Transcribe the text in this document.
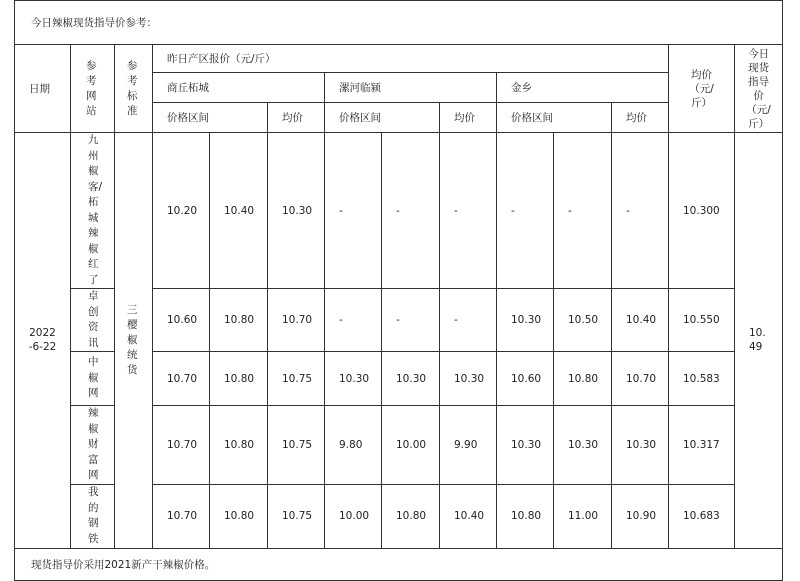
今日辣椒现货指导价参考：													
日期	参考网站	参考标准	昨日产区报价（元/斤）									均价（元/斤）	今日现货指导价（元/斤）

			商丘柘城			漯河临颍			金乡				
			价格区间		均价	价格区间		均价	价格区间		均价		

2022-6-22	九州椒客/柘城辣椒红了	三樱椒统货	10.20	10.40	10.30	-	-	-	-	-	-	10.300	10.49

	卓创资讯		10.60	10.80	10.70	-	-	-	10.30	10.50	10.40	10.550	

	中椒网		10.70	10.80	10.75	10.30	10.30	10.30	10.60	10.80	10.70	10.583	

	辣椒财富网		10.70	10.80	10.75	9.80	10.00	9.90	10.30	10.30	10.30	10.317	

	我的钢铁		10.70	10.80	10.75	10.00	10.80	10.40	10.80	11.00	10.90	10.683	
现货指导价采用2021新产干辣椒价格。													
